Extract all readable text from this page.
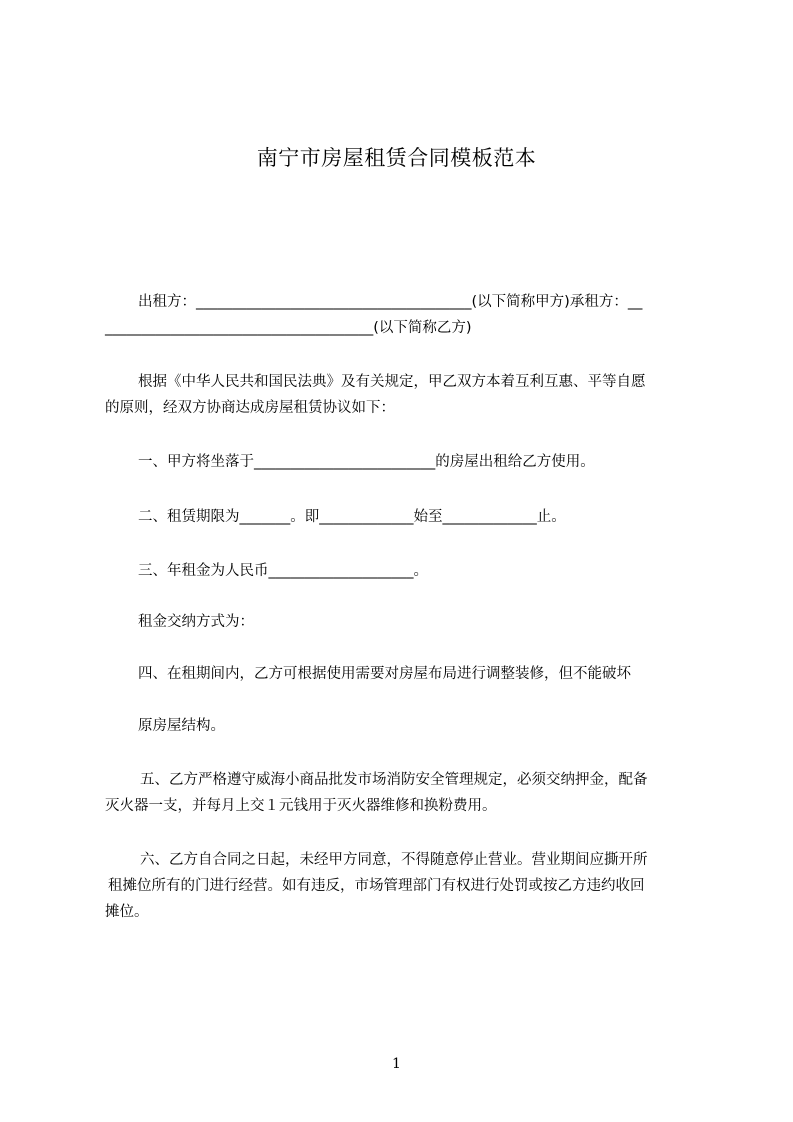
南宁市房屋租赁合同模板范本
出租方：______________________________________(以下简称甲方)承租方：__
_____________________________________(以下简称乙方)
根据《中华人民共和国民法典》及有关规定，甲乙双方本着互利互惠、平等自愿
的原则，经双方协商达成房屋租赁协议如下：
一、甲方将坐落于_________________________的房屋出租给乙方使用。
二、租赁期限为_______。即_____________始至_____________止。
三、年租金为人民币____________________。
租金交纳方式为：
四、在租期间内，乙方可根据使用需要对房屋布局进行调整装修，但不能破坏
原房屋结构。
五、乙方严格遵守威海小商品批发市场消防安全管理规定，必须交纳押金，配备
灭火器一支，并每月上交１元钱用于灭火器维修和换粉费用。
六、乙方自合同之日起，未经甲方同意，不得随意停止营业。营业期间应撕开所
租摊位所有的门进行经营。如有违反，市场管理部门有权进行处罚或按乙方违约收回
摊位。
1
